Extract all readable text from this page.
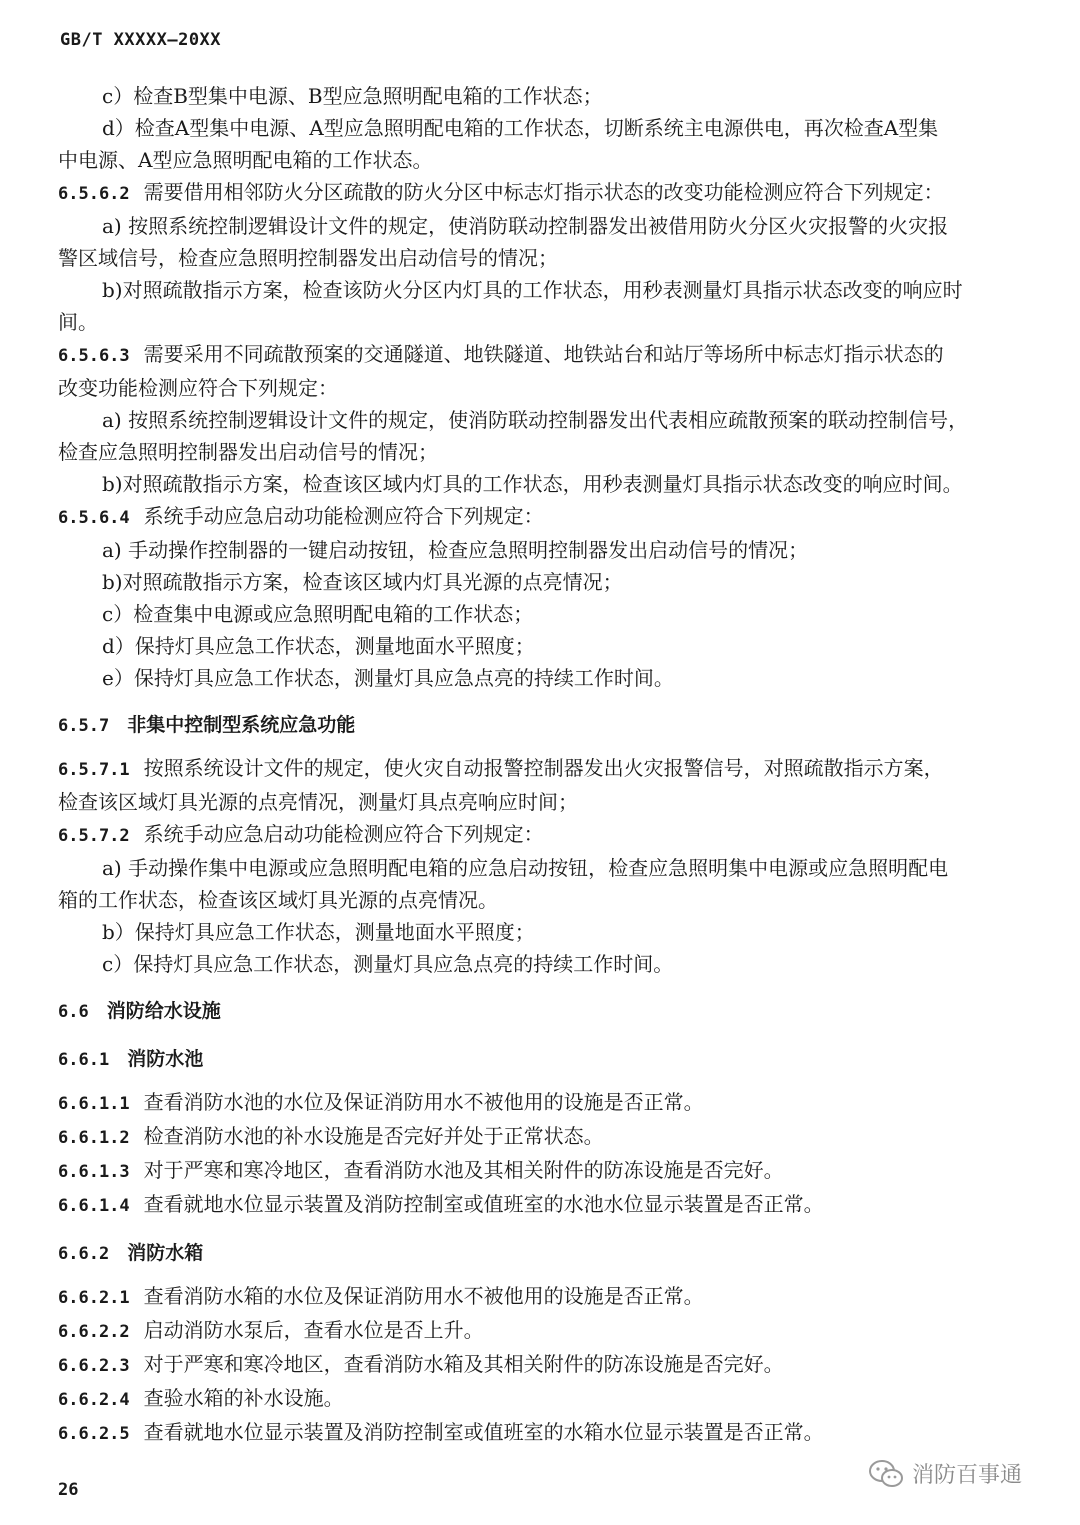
GB/T XXXXX—20XX
c）检查B型集中电源、B型应急照明配电箱的工作状态；
d）检查A型集中电源、A型应急照明配电箱的工作状态，切断系统主电源供电，再次检查A型集
中电源、A型应急照明配电箱的工作状态。
6.5.6.2 需要借用相邻防火分区疏散的防火分区中标志灯指示状态的改变功能检测应符合下列规定：
a) 按照系统控制逻辑设计文件的规定，使消防联动控制器发出被借用防火分区火灾报警的火灾报
警区域信号，检查应急照明控制器发出启动信号的情况；
b)对照疏散指示方案，检查该防火分区内灯具的工作状态，用秒表测量灯具指示状态改变的响应时
间。
6.5.6.3 需要采用不同疏散预案的交通隧道、地铁隧道、地铁站台和站厅等场所中标志灯指示状态的
改变功能检测应符合下列规定：
a) 按照系统控制逻辑设计文件的规定，使消防联动控制器发出代表相应疏散预案的联动控制信号，
检查应急照明控制器发出启动信号的情况；
b)对照疏散指示方案，检查该区域内灯具的工作状态，用秒表测量灯具指示状态改变的响应时间。
6.5.6.4 系统手动应急启动功能检测应符合下列规定：
a) 手动操作控制器的一键启动按钮，检查应急照明控制器发出启动信号的情况；
b)对照疏散指示方案，检查该区域内灯具光源的点亮情况；
c）检查集中电源或应急照明配电箱的工作状态；
d）保持灯具应急工作状态，测量地面水平照度；
e）保持灯具应急工作状态，测量灯具应急点亮的持续工作时间。
6.5.7 非集中控制型系统应急功能
6.5.7.1 按照系统设计文件的规定，使火灾自动报警控制器发出火灾报警信号，对照疏散指示方案，
检查该区域灯具光源的点亮情况，测量灯具点亮响应时间；
6.5.7.2 系统手动应急启动功能检测应符合下列规定：
a) 手动操作集中电源或应急照明配电箱的应急启动按钮，检查应急照明集中电源或应急照明配电
箱的工作状态，检查该区域灯具光源的点亮情况。
b）保持灯具应急工作状态，测量地面水平照度；
c）保持灯具应急工作状态，测量灯具应急点亮的持续工作时间。
6.6 消防给水设施
6.6.1 消防水池
6.6.1.1 查看消防水池的水位及保证消防用水不被他用的设施是否正常。
6.6.1.2 检查消防水池的补水设施是否完好并处于正常状态。
6.6.1.3 对于严寒和寒冷地区，查看消防水池及其相关附件的防冻设施是否完好。
6.6.1.4 查看就地水位显示装置及消防控制室或值班室的水池水位显示装置是否正常。
6.6.2 消防水箱
6.6.2.1 查看消防水箱的水位及保证消防用水不被他用的设施是否正常。
6.6.2.2 启动消防水泵后，查看水位是否上升。
6.6.2.3 对于严寒和寒冷地区，查看消防水箱及其相关附件的防冻设施是否完好。
6.6.2.4 查验水箱的补水设施。
6.6.2.5 查看就地水位显示装置及消防控制室或值班室的水箱水位显示装置是否正常。
26
消防百事通
